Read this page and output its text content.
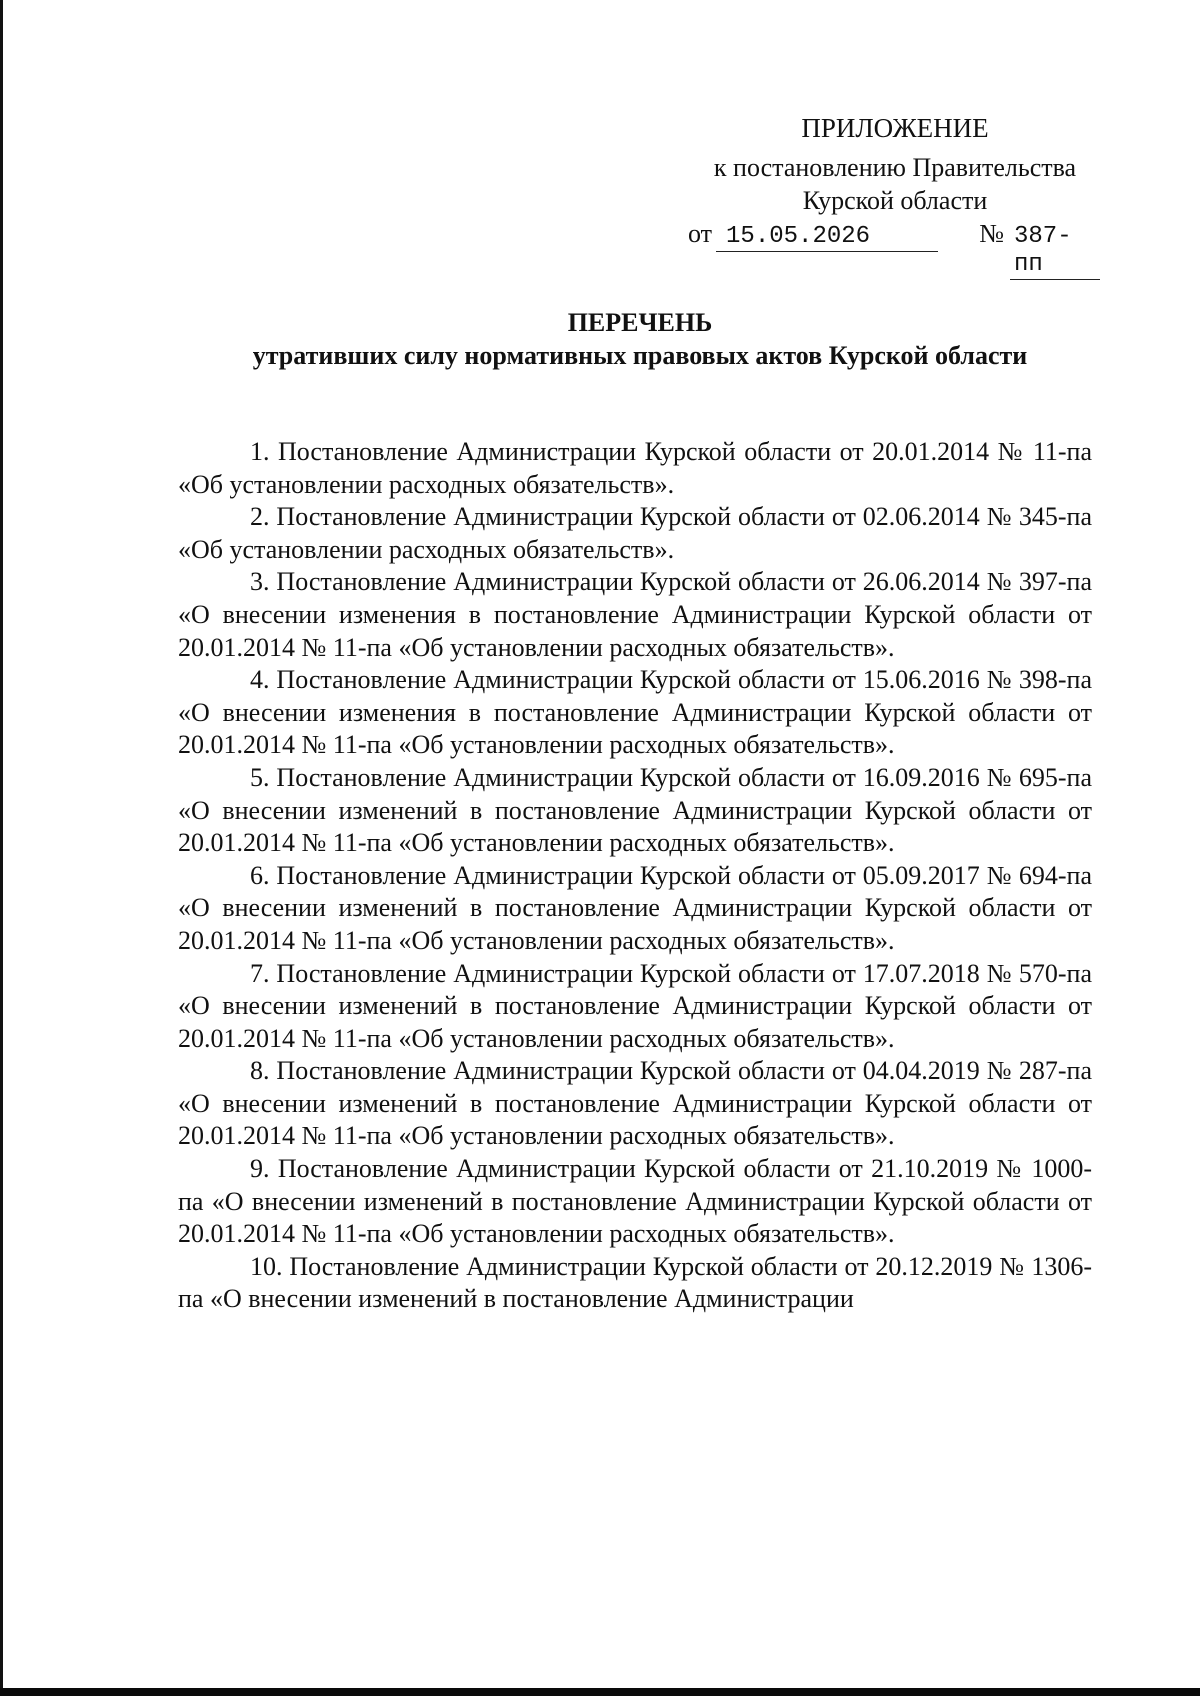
ПРИЛОЖЕНИЕ
к постановлению Правительства
Курской области
от 15.05.2026	№ 387-пп
ПЕРЕЧЕНЬ
утративших силу нормативных правовых актов Курской области

1. Постановление Администрации Курской области от 20.01.2014 № 11-па «Об установлении расходных обязательств».

2. Постановление Администрации Курской области от 02.06.2014 № 345-па «Об установлении расходных обязательств».

3. Постановление Администрации Курской области от 26.06.2014 № 397-па «О внесении изменения в постановление Администрации Курской области от 20.01.2014 № 11-па «Об установлении расходных обязательств».

4. Постановление Администрации Курской области от 15.06.2016 № 398-па «О внесении изменения в постановление Администрации Курской области от 20.01.2014 № 11-па «Об установлении расходных обязательств».

5. Постановление Администрации Курской области от 16.09.2016 № 695-па «О внесении изменений в постановление Администрации Курской области от 20.01.2014 № 11-па «Об установлении расходных обязательств».

6. Постановление Администрации Курской области от 05.09.2017 № 694-па «О внесении изменений в постановление Администрации Курской области от 20.01.2014 № 11-па «Об установлении расходных обязательств».

7. Постановление Администрации Курской области от 17.07.2018 № 570-па «О внесении изменений в постановление Администрации Курской области от 20.01.2014 № 11-па «Об установлении расходных обязательств».

8. Постановление Администрации Курской области от 04.04.2019 № 287-па «О внесении изменений в постановление Администрации Курской области от 20.01.2014 № 11-па «Об установлении расходных обязательств».

9. Постановление Администрации Курской области от 21.10.2019 № 1000-па «О внесении изменений в постановление Администрации Курской области от 20.01.2014 № 11-па «Об установлении расходных обязательств».

10. Постановление Администрации Курской области от 20.12.2019 № 1306-па «О внесении изменений в постановление Администрации
